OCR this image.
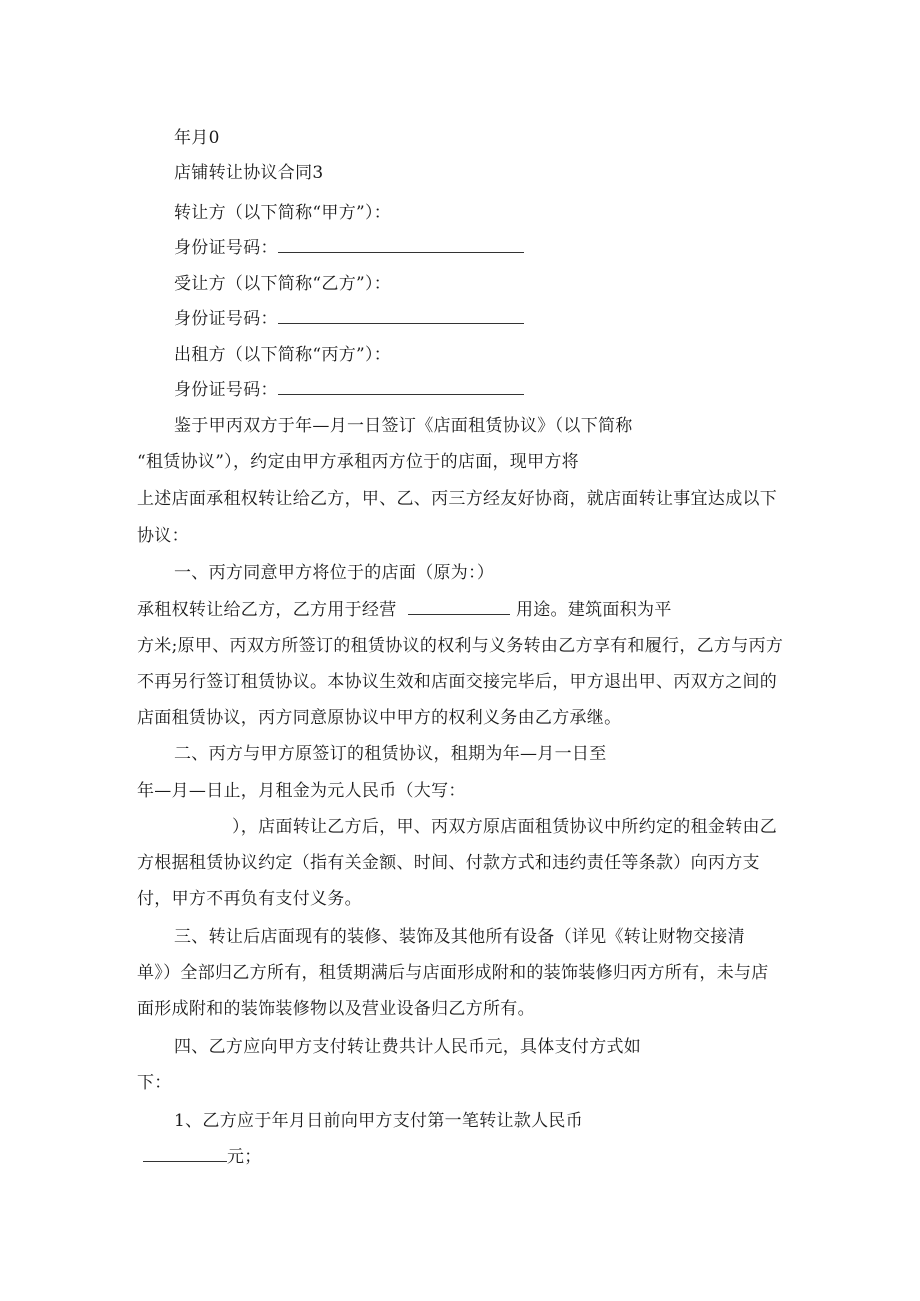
年月0
店铺转让协议合同3
转让方（以下简称“甲方”）：
身份证号码：
受让方（以下简称“乙方”）：
身份证号码：
出租方（以下简称“丙方”）：
身份证号码：
鉴于甲丙双方于年—月一日签订《店面租赁协议》（以下简称
“租赁协议”），约定由甲方承租丙方位于的店面，现甲方将
上述店面承租权转让给乙方，甲、乙、丙三方经友好协商，就店面转让事宜达成以下
协议：
一、丙方同意甲方将位于的店面（原为：）
承租权转让给乙方，乙方用于经营	用途。建筑面积为平
方米;原甲、丙双方所签订的租赁协议的权利与义务转由乙方享有和履行，乙方与丙方
不再另行签订租赁协议。本协议生效和店面交接完毕后，甲方退出甲、丙双方之间的
店面租赁协议，丙方同意原协议中甲方的权利义务由乙方承继。
二、丙方与甲方原签订的租赁协议，租期为年—月一日至
年—月—日止，月租金为元人民币（大写：
），店面转让乙方后，甲、丙双方原店面租赁协议中所约定的租金转由乙
方根据租赁协议约定（指有关金额、时间、付款方式和违约责任等条款）向丙方支
付，甲方不再负有支付义务。
三、转让后店面现有的装修、装饰及其他所有设备（详见《转让财物交接清
单》）全部归乙方所有，租赁期满后与店面形成附和的装饰装修归丙方所有，未与店
面形成附和的装饰装修物以及营业设备归乙方所有。
四、乙方应向甲方支付转让费共计人民币元，具体支付方式如
下：
1、乙方应于年月日前向甲方支付第一笔转让款人民币
元；
